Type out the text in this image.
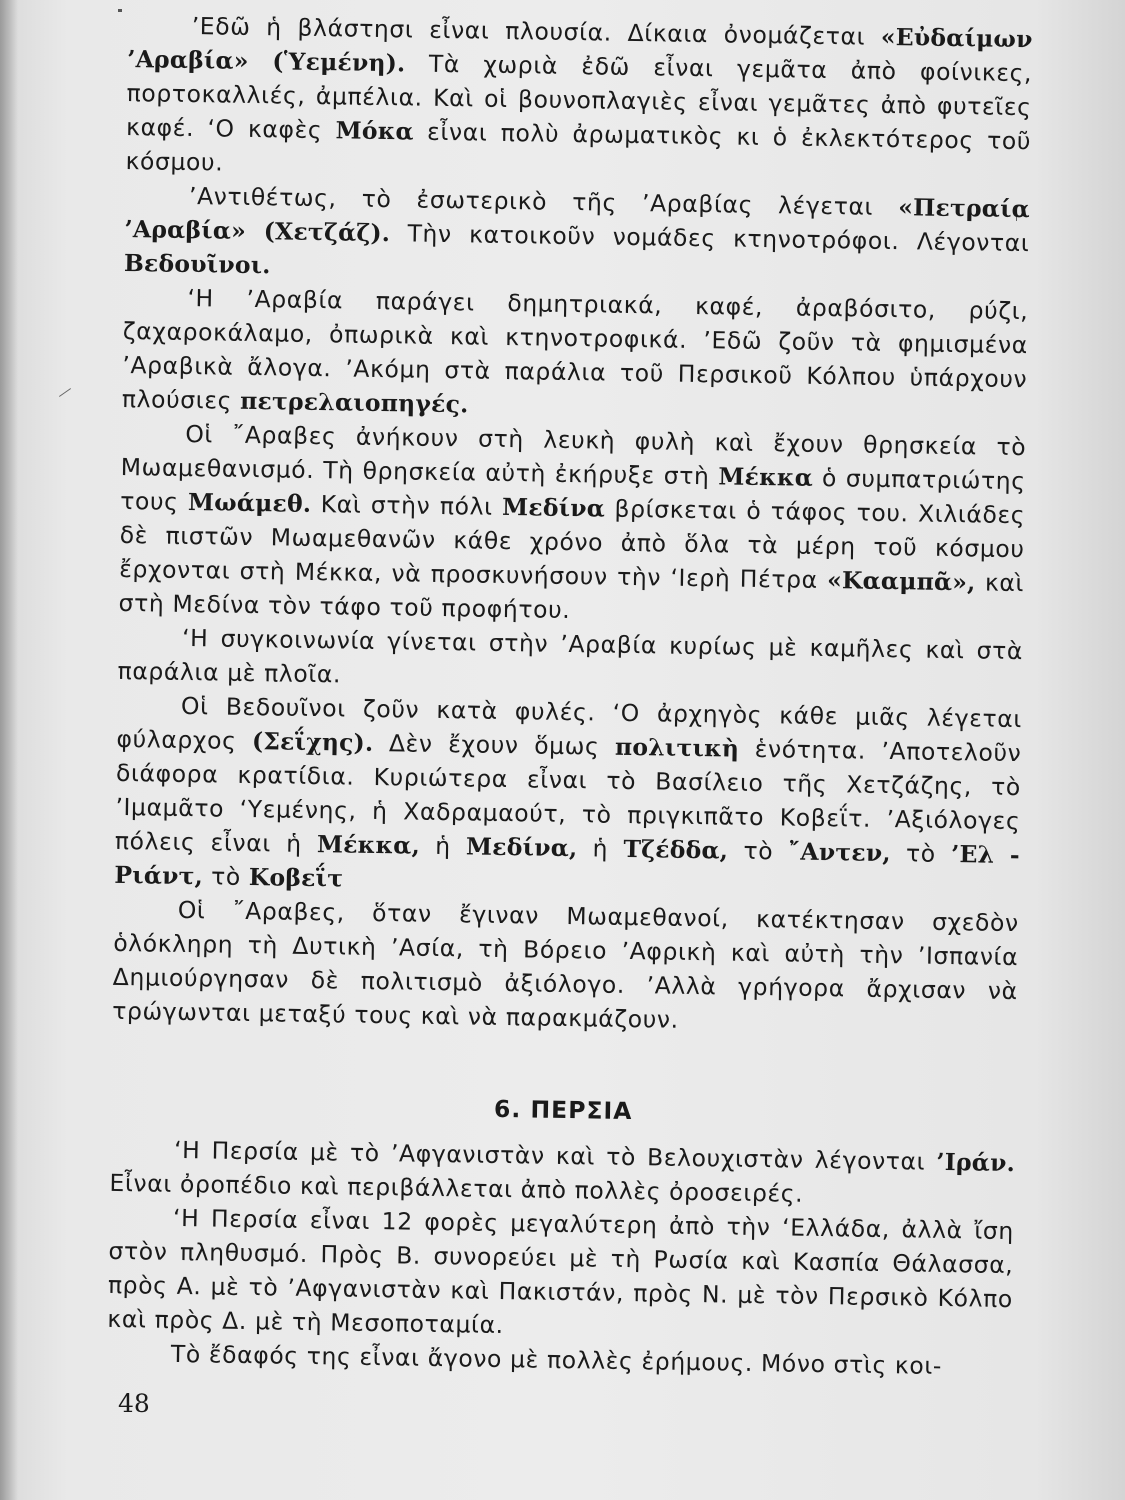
’Εδῶ ἡ βλάστησι εἶναι πλουσία. Δίκαια ὀνομάζεται «Εὐδαίμων ’Αραβία» (Ὑεμένη). Τὰ χωριὰ ἐδῶ εἶναι γεμᾶτα ἀπὸ φοίνικες, πορτοκαλλιές, ἀμπέλια. Καὶ οἱ βουνοπλαγιὲς εἶναι γεμᾶτες ἀπὸ φυτεῖες καφέ. ‘Ο καφὲς Μόκα εἶναι πολὺ ἀρωματικὸς κι ὁ ἐκλεκτότερος τοῦ κόσμου.

’Αντιθέτως, τὸ ἐσωτερικὸ τῆς ’Αραβίας λέγεται «Πετραία ’Αραβία» (Χετζάζ). Τὴν κατοικοῦν νομάδες κτηνοτρόφοι. Λέγονται Βεδουῖνοι.

‘Η ’Αραβία παράγει δημητριακά, καφέ, ἀραβόσιτο, ρύζι, ζαχαροκάλαμο, ὀπωρικὰ καὶ κτηνοτροφικά. ’Εδῶ ζοῦν τὰ φημισμένα ’Αραβικὰ ἄλογα. ’Ακόμη στὰ παράλια τοῦ Περσικοῦ Κόλπου ὑπάρχουν πλούσιες πετρελαιοπηγές.

Οἱ ῎Αραβες ἀνήκουν στὴ λευκὴ φυλὴ καὶ ἔχουν θρησκεία τὸ Μωαμεθανισμό. Τὴ θρησκεία αὐτὴ ἐκήρυξε στὴ Μέκκα ὁ συμπατριώτης τους Μωάμεθ. Καὶ στὴν πόλι Μεδίνα βρίσκεται ὁ τάφος του. Χιλιάδες δὲ πιστῶν Μωαμεθανῶν κάθε χρόνο ἀπὸ ὅλα τὰ μέρη τοῦ κόσμου ἔρχονται στὴ Μέκκα, νὰ προσκυνήσουν τὴν ‘Ιερὴ Πέτρα «Κααμπᾶ», καὶ στὴ Μεδίνα τὸν τάφο τοῦ προφήτου.

‘Η συγκοινωνία γίνεται στὴν ’Αραβία κυρίως μὲ καμῆλες καὶ στὰ παράλια μὲ πλοῖα.

Οἱ Βεδουῖνοι ζοῦν κατὰ φυλές. ‘Ο ἀρχηγὸς κάθε μιᾶς λέγεται φύλαρχος (Σεΐχης). Δὲν ἔχουν ὅμως πολιτικὴ ἑνότητα. ’Αποτελοῦν διάφορα κρατίδια. Κυριώτερα εἶναι τὸ Βασίλειο τῆς Χετζάζης, τὸ ’Ιμαμᾶτο ‘Υεμένης, ἡ Χαδραμαούτ, τὸ πριγκιπᾶτο Κοβεΐτ. ’Αξιόλογες πόλεις εἶναι ἡ Μέκκα, ἡ Μεδίνα, ἡ Τζέδδα, τὸ ῎Αντεν, τὸ ’Ελ - Ριάντ, τὸ Κοβεΐτ

Οἱ ῎Αραβες, ὅταν ἔγιναν Μωαμεθανοί, κατέκτησαν σχεδὸν ὁλόκληρη τὴ Δυτικὴ ’Ασία, τὴ Βόρειο ’Αφρικὴ καὶ αὐτὴ τὴν ’Ισπανία Δημιούργησαν δὲ πολιτισμὸ ἀξιόλογο. ’Αλλὰ γρήγορα ἄρχισαν νὰ τρώγωνται μεταξύ τους καὶ νὰ παρακμάζουν.

6. ΠΕΡΣΙΑ

‘Η Περσία μὲ τὸ ’Αφγανιστὰν καὶ τὸ Βελουχιστὰν λέγονται ’Ιράν. Εἶναι ὀροπέδιο καὶ περιβάλλεται ἀπὸ πολλὲς ὀροσειρές.

‘Η Περσία εἶναι 12 φορὲς μεγαλύτερη ἀπὸ τὴν ‘Ελλάδα, ἀλλὰ ἴση στὸν πληθυσμό. Πρὸς Β. συνορεύει μὲ τὴ Ρωσία καὶ Κασπία Θάλασσα, πρὸς Α. μὲ τὸ ’Αφγανιστὰν καὶ Πακιστάν, πρὸς Ν. μὲ τὸν Περσικὸ Κόλπο καὶ πρὸς Δ. μὲ τὴ Μεσοποταμία.

Τὸ ἔδαφός της εἶναι ἄγονο μὲ πολλὲς ἐρήμους. Μόνο στὶς κοι-

48
